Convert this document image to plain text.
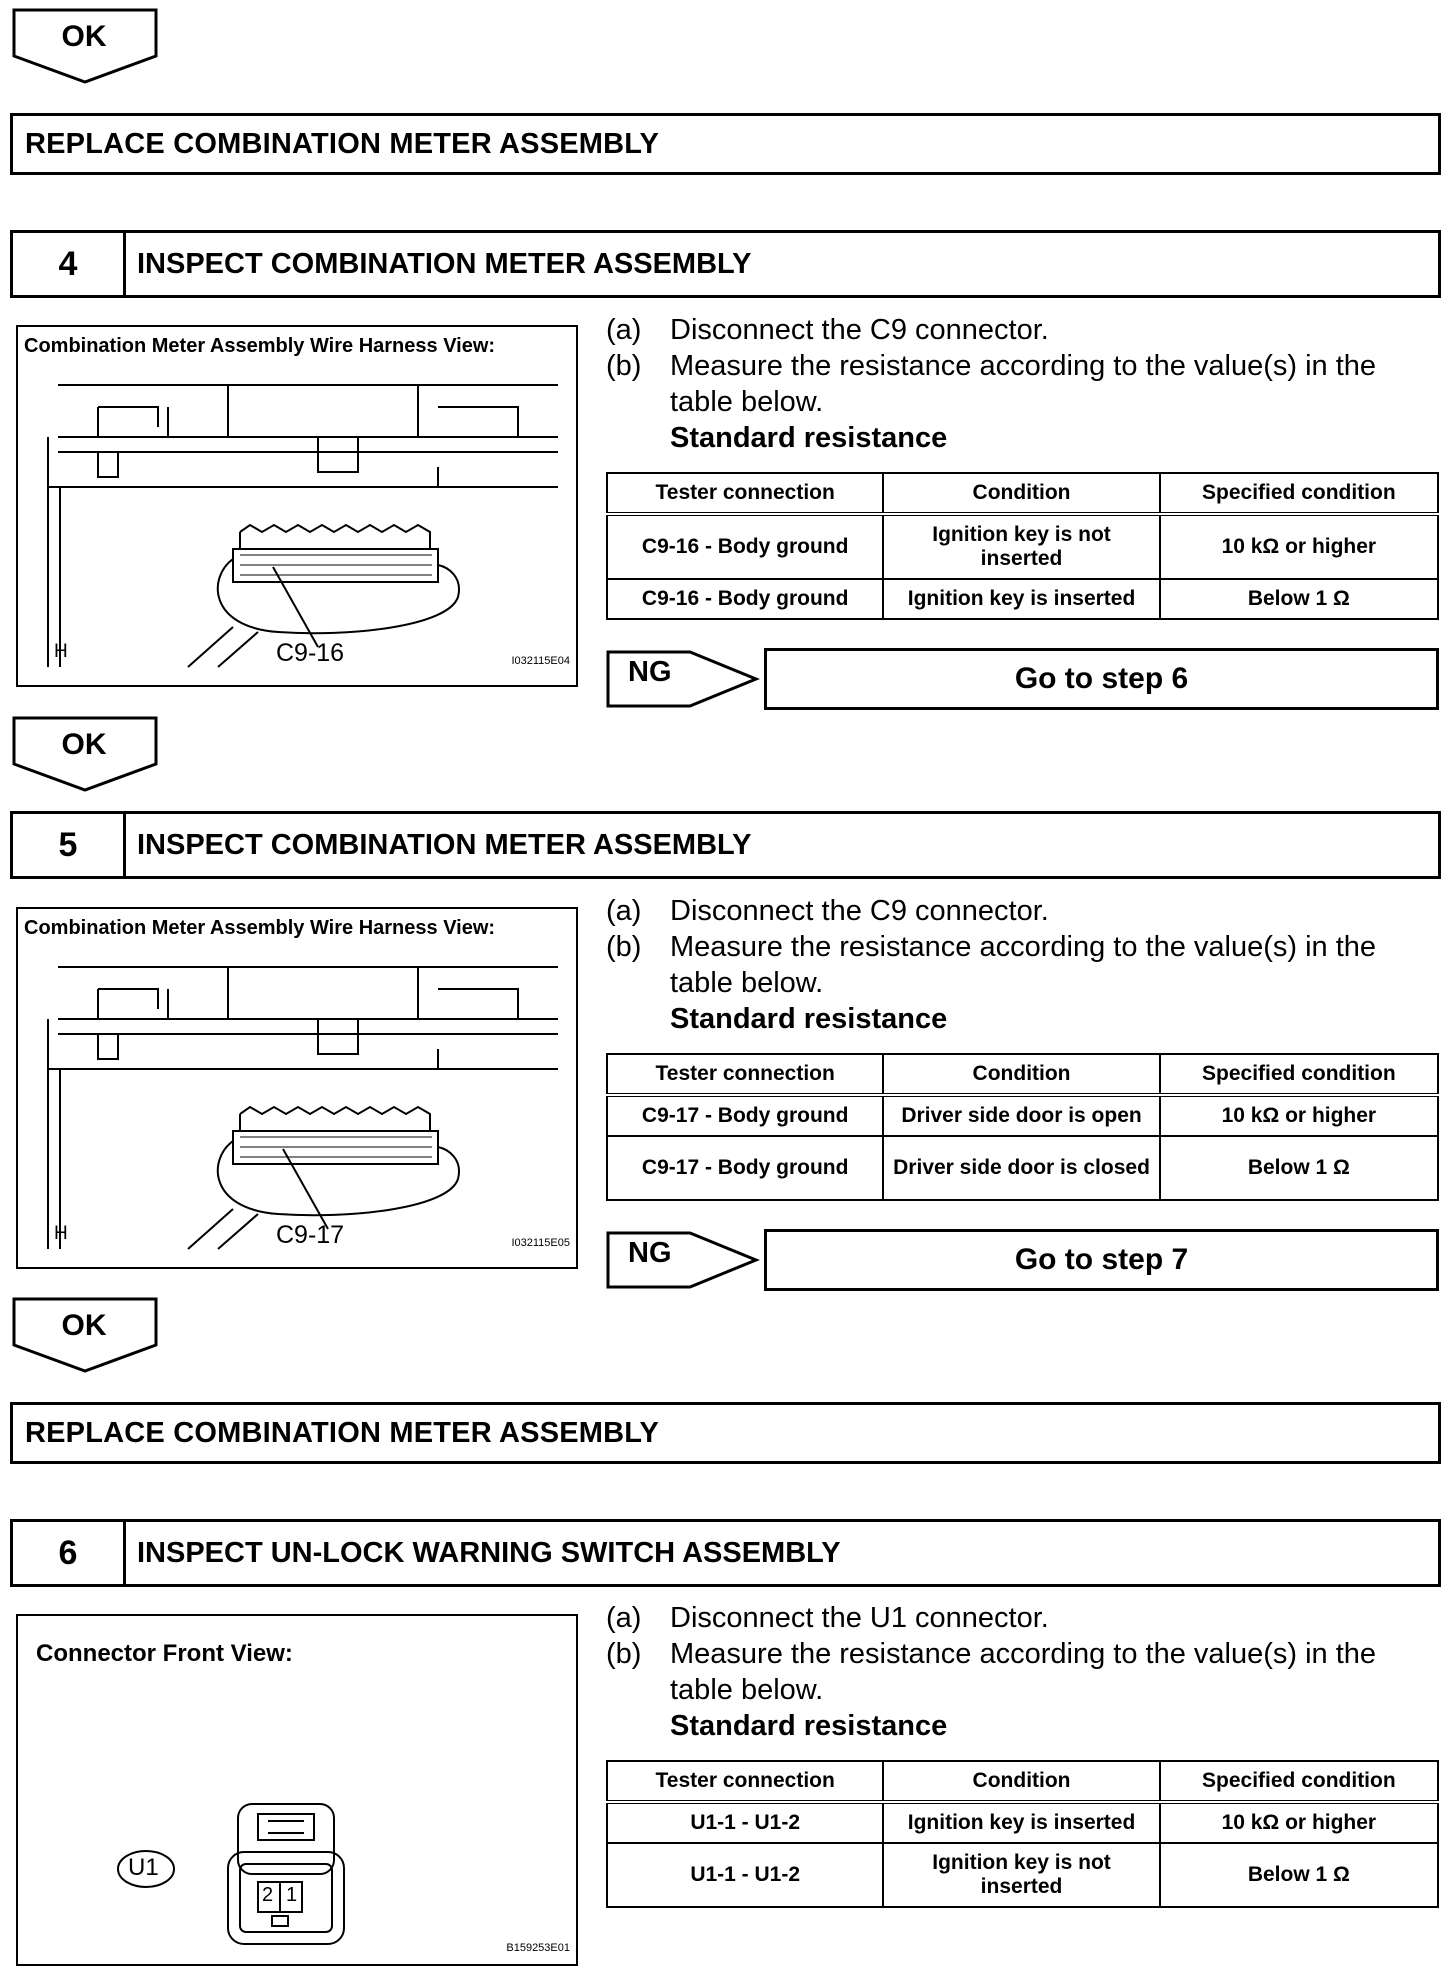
OK
REPLACE COMBINATION METER ASSEMBLY
4	INSPECT COMBINATION METER ASSEMBLY
Combination Meter Assembly Wire Harness View:
C9-16
H	I032115E04
(a) Disconnect the C9 connector.
(b) Measure the resistance according to the value(s) in the
table below.
Standard resistance
Tester connection	Condition	Specified condition
C9-16 - Body ground	Ignition key is not inserted	10 kΩ or higher
C9-16 - Body ground	Ignition key is inserted	Below 1 Ω
NG	Go to step 6
OK
5	INSPECT COMBINATION METER ASSEMBLY
Combination Meter Assembly Wire Harness View:
C9-17
H	I032115E05
(a) Disconnect the C9 connector.
(b) Measure the resistance according to the value(s) in the
table below.
Standard resistance
Tester connection	Condition	Specified condition
C9-17 - Body ground	Driver side door is open	10 kΩ or higher
C9-17 - Body ground	Driver side door is closed	Below 1 Ω
NG	Go to step 7
OK
REPLACE COMBINATION METER ASSEMBLY
6	INSPECT UN-LOCK WARNING SWITCH ASSEMBLY
Connector Front View:
U1
2 1
B159253E01
(a) Disconnect the U1 connector.
(b) Measure the resistance according to the value(s) in the
table below.
Standard resistance
Tester connection	Condition	Specified condition
U1-1 - U1-2	Ignition key is inserted	10 kΩ or higher
U1-1 - U1-2	Ignition key is not inserted	Below 1 Ω
